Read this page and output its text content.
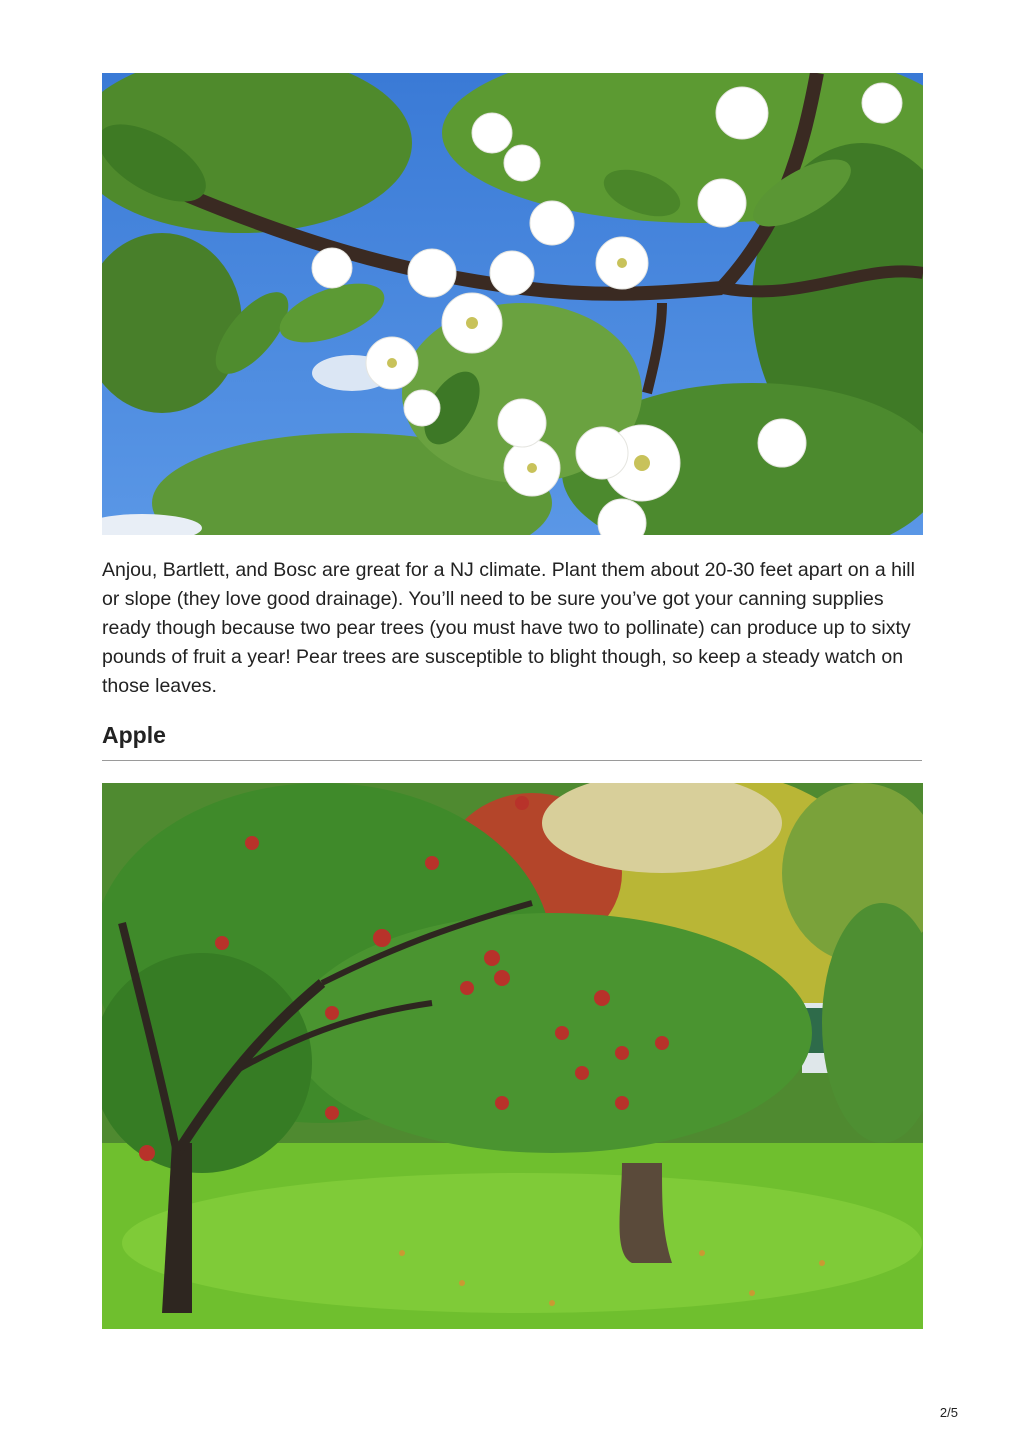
Anjou, Bartlett, and Bosc are great for a NJ climate. Plant them about 20-30 feet apart on a hill or slope (they love good drainage). You’ll need to be sure you’ve got your canning supplies ready though because two pear trees (you must have two to pollinate) can produce up to sixty pounds of fruit a year! Pear trees are susceptible to blight though, so keep a steady watch on those leaves.

Apple
2/5
